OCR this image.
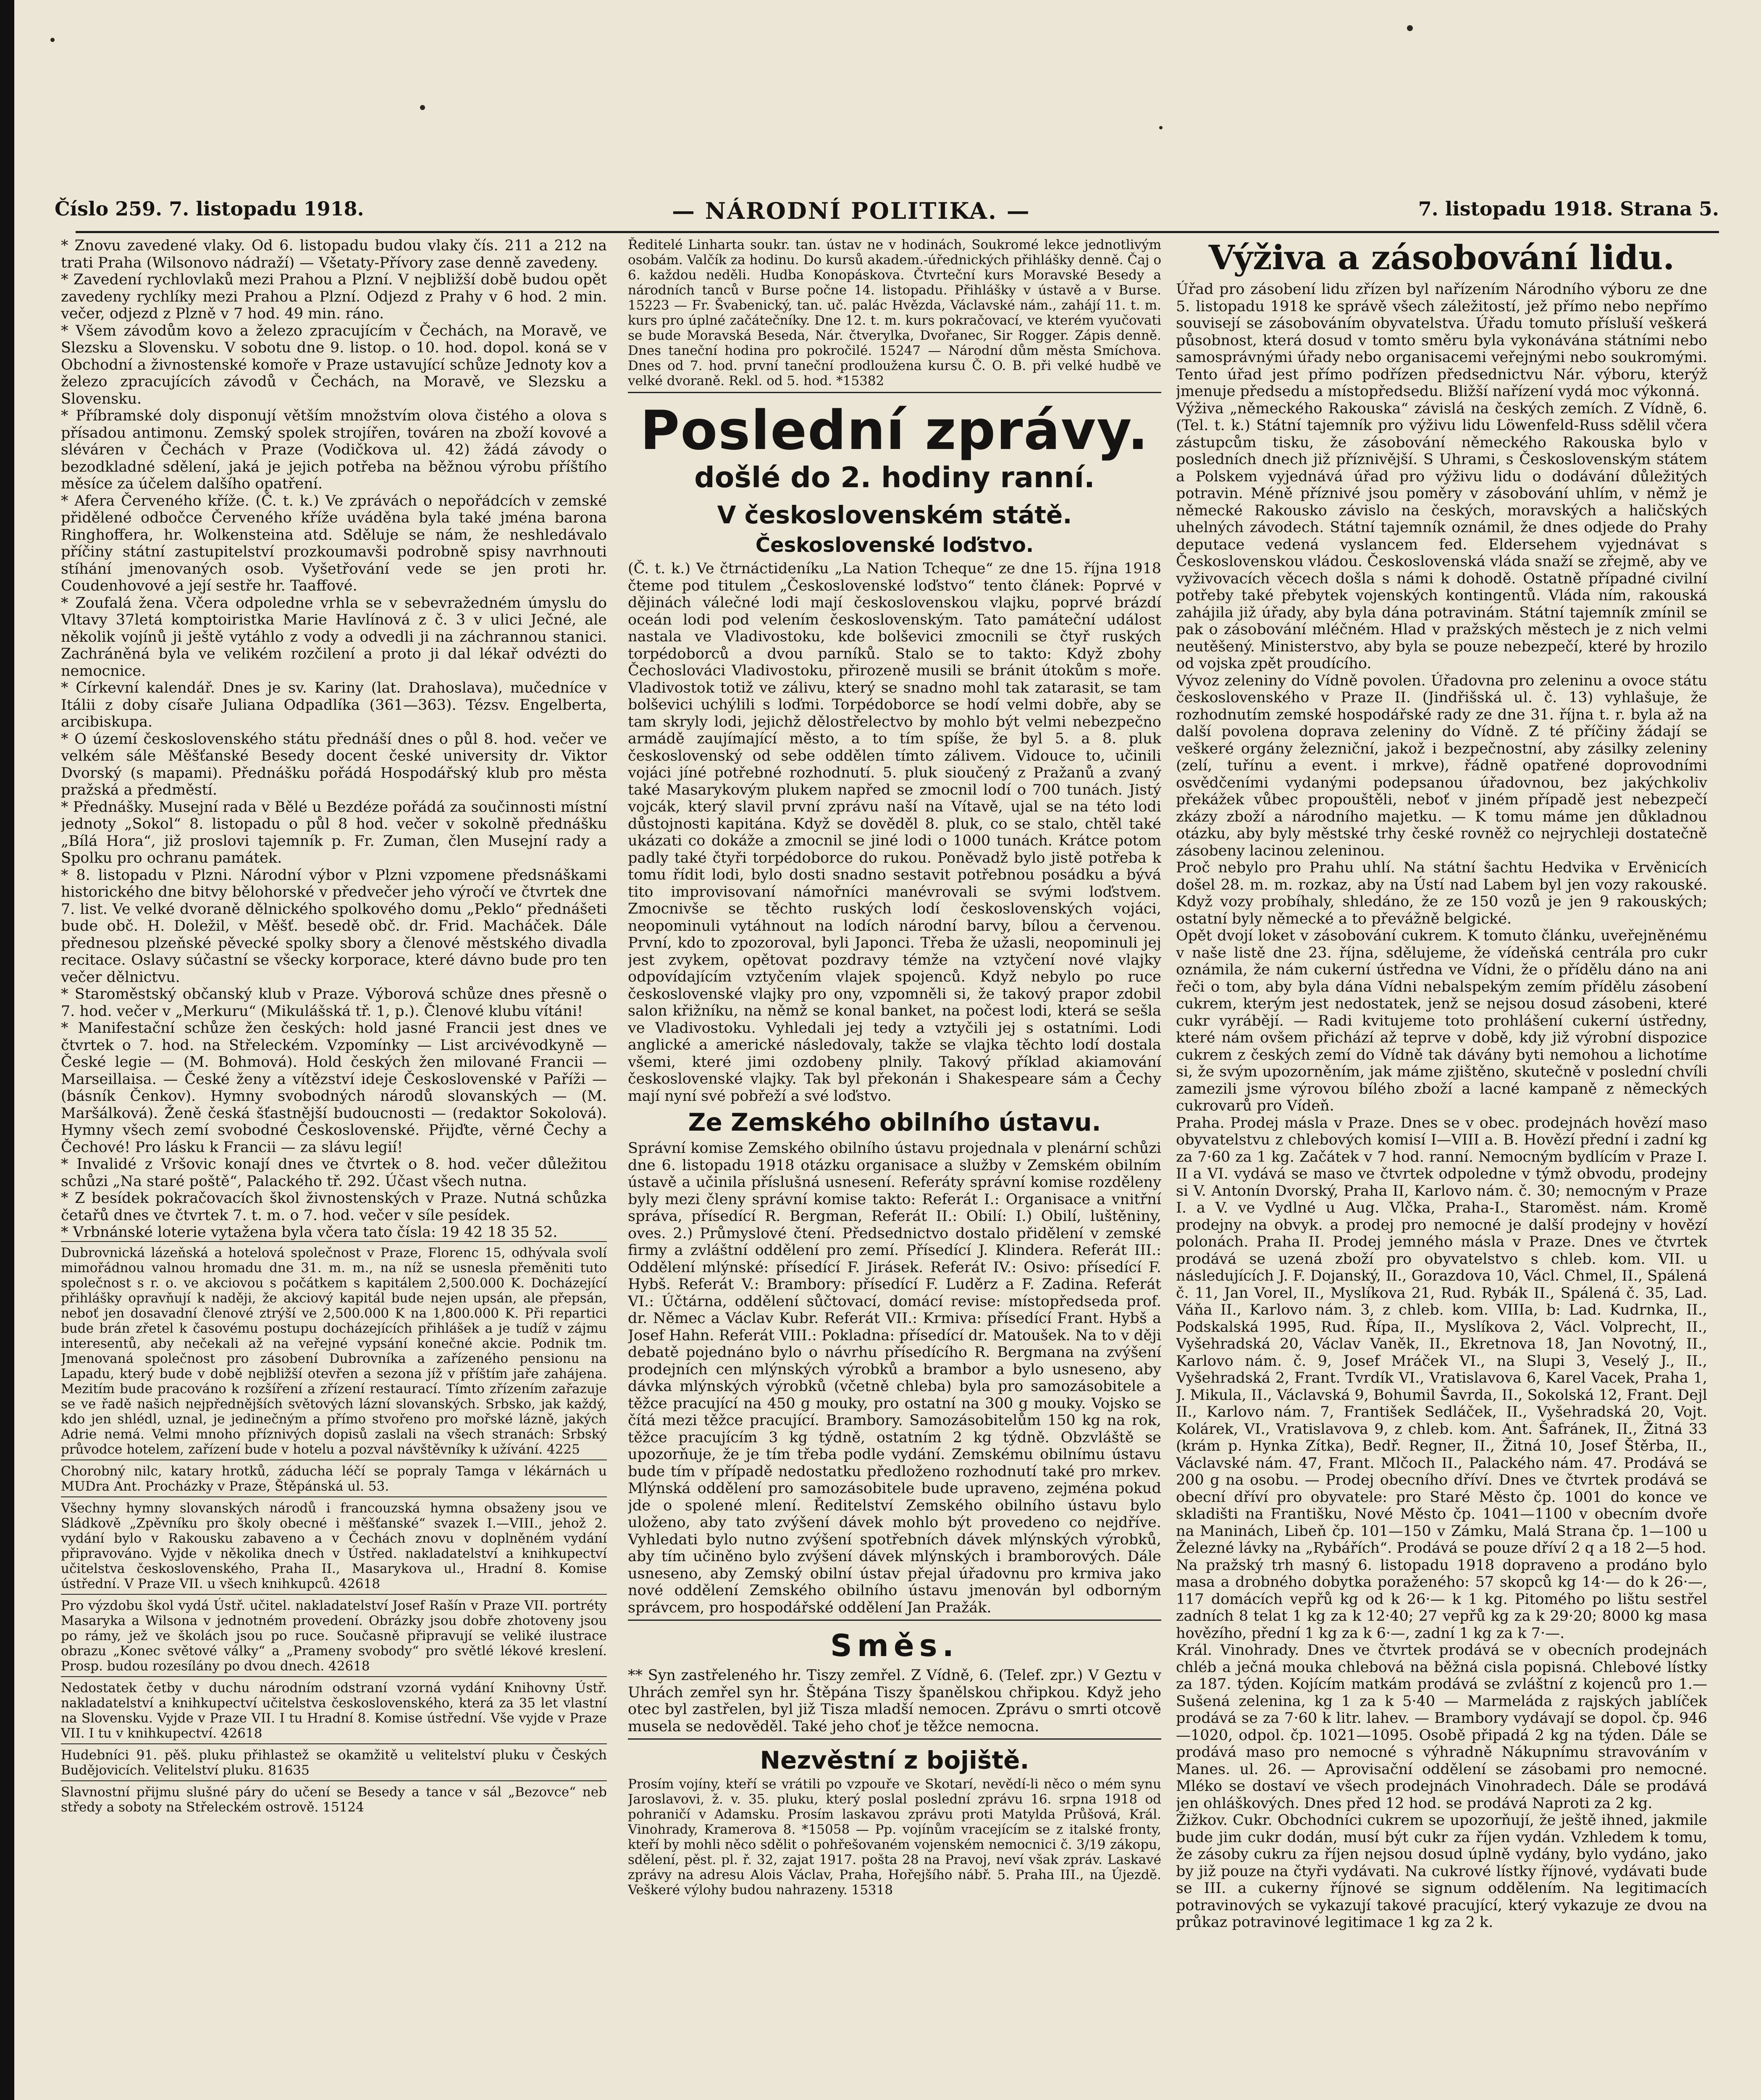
Číslo 259. 7. listopadu 1918.	— NÁRODNÍ POLITIKA. —	7. listopadu 1918. Strana 5.

* Znovu zavedené vlaky. Od 6. listopadu budou vlaky čís. 211 a 212 na trati Praha (Wilsonovo nádraží) — Všetaty-Přívory zase denně zavedeny.

* Zavedení rychlovlaků mezi Prahou a Plzní. V nejbližší době budou opět zavedeny rychlíky mezi Prahou a Plzní. Odjezd z Prahy v 6 hod. 2 min. večer, odjezd z Plzně v 7 hod. 49 min. ráno.

* Všem závodům kovo a železo zpracujícím v Čechách, na Moravě, ve Slezsku a Slovensku. V sobotu dne 9. listop. o 10. hod. dopol. koná se v Obchodní a živnostenské komoře v Praze ustavující schůze Jednoty kov a železo zpracujících závodů v Čechách, na Moravě, ve Slezsku a Slovensku.

* Příbramské doly disponují větším množstvím olova čistého a olova s přísadou antimonu. Zemský spolek strojířen, továren na zboží kovové a sléváren v Čechách v Praze (Vodičkova ul. 42) žádá závody o bezodkladné sdělení, jaká je jejich potřeba na běžnou výrobu příštího měsíce za účelem dalšího opatření.

* Afera Červeného kříže. (Č. t. k.) Ve zprávách o nepořádcích v zemské přidělené odbočce Červeného kříže uváděna byla také jména barona Ringhoffera, hr. Wolkensteina atd. Sděluje se nám, že neshledávalo příčiny státní zastupitelství prozkoumavši podrobně spisy navrhnouti stíhání jmenovaných osob. Vyšetřování vede se jen proti hr. Coudenhovové a její sestře hr. Taaffové.

* Zoufalá žena. Včera odpoledne vrhla se v sebevražedném úmyslu do Vltavy 37letá komptoiristka Marie Havlínová z č. 3 v ulici Ječné, ale několik vojínů ji ještě vytáhlo z vody a odvedli ji na záchrannou stanici. Zachráněná byla ve velikém rozčilení a proto ji dal lékař odvézti do nemocnice.

* Církevní kalendář. Dnes je sv. Kariny (lat. Drahoslava), mučedníce v Itálii z doby císaře Juliana Odpadlíka (361—363). Tézsv. Engelberta, arcibiskupa.

* O území československého státu přednáší dnes o půl 8. hod. večer ve velkém sále Měšťanské Besedy docent české university dr. Viktor Dvorský (s mapami). Přednášku pořádá Hospodářský klub pro města pražská a předměstí.

* Přednášky. Musejní rada v Bělé u Bezdéze pořádá za součinnosti místní jednoty „Sokol“ 8. listopadu o půl 8 hod. večer v sokolně přednášku „Bílá Hora“, již proslovi tajemník p. Fr. Zuman, člen Musejní rady a Spolku pro ochranu památek.

* 8. listopadu v Plzni. Národní výbor v Plzni vzpomene předsnáškami historického dne bitvy bělohorské v předvečer jeho výročí ve čtvrtek dne 7. list. Ve velké dvoraně dělnického spolkového domu „Peklo“ přednášeti bude obč. H. Doležil, v Měšť. besedě obč. dr. Frid. Macháček. Dále přednesou plzeňské pěvecké spolky sbory a členové městského divadla recitace. Oslavy súčastní se všecky korporace, které dávno bude pro ten večer dělnictvu.

* Staroměstský občanský klub v Praze. Výborová schůze dnes přesně o 7. hod. večer v „Merkuru“ (Mikulášská tř. 1, p.). Členové klubu vítáni!

* Manifestační schůze žen českých: hold jasné Francii jest dnes ve čtvrtek o 7. hod. na Střeleckém. Vzpomínky — List arcivévodkyně — České legie — (M. Bohmová). Hold českých žen milované Francii — Marseillaisa. — České ženy a vítězství ideje Československé v Paříži — (básník Čenkov). Hymny svobodných národů slovanských — (M. Maršálková). Ženě česká šťastnější budoucnosti — (redaktor Sokolová). Hymny všech zemí svobodné Československé. Přijďte, věrné Čechy a Čechové! Pro lásku k Francii — za slávu legií!

* Invalidé z Vršovic konají dnes ve čtvrtek o 8. hod. večer důležitou schůzi „Na staré poště“, Palackého tř. 292. Účast všech nutna.

* Z besídek pokračovacích škol živnostenských v Praze. Nutná schůzka četařů dnes ve čtvrtek 7. t. m. o 7. hod. večer v síle pesídek.

* Vrbnánské loterie vytažena byla včera tato čísla: 19 42 18 35 52.

Dubrovnická lázeňská a hotelová společnost v Praze, Florenc 15, odhývala svolí mimořádnou valnou hromadu dne 31. m. m., na níž se usnesla přeměniti tuto společnost s r. o. ve akciovou s počátkem s kapitálem 2,500.000 K. Docházející přihlášky opravňují k naději, že akciový kapitál bude nejen upsán, ale přepsán, neboť jen dosavadní členové ztrýší ve 2,500.000 K na 1,800.000 K. Při repartici bude brán zřetel k časovému postupu docházejících přihlášek a je tudíž v zájmu interesentů, aby nečekali až na veřejné vypsání konečné akcie. Podnik tm. Jmenovaná společnost pro zásobení Dubrovníka a zařízeného pensionu na Lapadu, který bude v době nejbližší otevřen a sezona jíž v příštím jaře zahájena. Mezitím bude pracováno k rozšíření a zřízení restaurací. Tímto zřízením zařazuje se ve řadě našich nejpřednějších světových lázní slovanských. Srbsko, jak každý, kdo jen shlédl, uznal, je jedinečným a přímo stvořeno pro mořské lázně, jakých Adrie nemá. Velmi mnoho příznivých dopisů zaslali na všech stranách: Srbský průvodce hotelem, zařízení bude v hotelu a pozval návštěvníky k užívání. 4225

Chorobný nilc, katary hrotků, záducha léčí se popraly Tamga v lékárnách u MUDra Ant. Procházky v Praze, Štěpánská ul. 53.

Všechny hymny slovanských národů i francouzská hymna obsaženy jsou ve Sládkově „Zpěvníku pro školy obecné i měšťanské“ svazek I.—VIII., jehož 2. vydání bylo v Rakousku zabaveno a v Čechách znovu v doplněném vydání připravováno. Vyjde v několika dnech v Ústřed. nakladatelství a knihkupectví učitelstva československého, Praha II., Masarykova ul., Hradní 8. Komise ústřední. V Praze VII. u všech knihkupců. 42618

Pro výzdobu škol vydá Ústř. učitel. nakladatelství Josef Rašín v Praze VII. portréty Masaryka a Wilsona v jednotném provedení. Obrázky jsou dobře zhotoveny jsou po rámy, jež ve školách jsou po ruce. Současně připravují se veliké ilustrace obrazu „Konec světové války“ a „Prameny svobody“ pro světlé lékové kreslení. Prosp. budou rozesílány po dvou dnech. 42618

Nedostatek četby v duchu národním odstraní vzorná vydání Knihovny Ústř. nakladatelství a knihkupectví učitelstva československého, která za 35 let vlastní na Slovensku. Vyjde v Praze VII. I tu Hradní 8. Komise ústřední. Vše vyjde v Praze VII. I tu v knihkupectví. 42618

Hudebníci 91. pěš. pluku přihlastež se okamžitě u velitelství pluku v Českých Budějovicích. Velitelství pluku. 81635

Slavnostní přijmu slušné páry do učení se Besedy a tance v sál „Bezovce“ neb středy a soboty na Střeleckém ostrově. 15124

Ředitelé Linharta soukr. tan. ústav ne v hodinách, Soukromé lekce jednotlivým osobám. Valčík za hodinu. Do kursů akadem.-úřednických přihlášky denně. Čaj o 6. každou neděli. Hudba Konopáskova. Čtvrteční kurs Moravské Besedy a národních tanců v Burse počne 14. listopadu. Přihlášky v ústavě a v Burse. 15223 — Fr. Švabenický, tan. uč. palác Hvězda, Václavské nám., zahájí 11. t. m. kurs pro úplné začátečníky. Dne 12. t. m. kurs pokračovací, ve kterém vyučovati se bude Moravská Beseda, Nár. čtverylka, Dvořanec, Sir Rogger. Zápis denně. Dnes taneční hodina pro pokročilé. 15247 — Národní dům města Smíchova. Dnes od 7. hod. první taneční prodloužena kursu Č. O. B. při velké hudbě ve velké dvoraně. Rekl. od 5. hod. *15382

Poslední zprávy.
došlé do 2. hodiny ranní.
V československém státě.
Československé loďstvo.

(Č. t. k.) Ve čtrnáctideníku „La Nation Tcheque“ ze dne 15. října 1918 čteme pod titulem „Československé loďstvo“ tento článek: Poprvé v dějinách válečné lodi mají československou vlajku, poprvé brázdí oceán lodi pod velením československým. Tato památeční událost nastala ve Vladivostoku, kde bolševici zmocnili se čtyř ruských torpédoborců a dvou parníků. Stalo se to takto: Když zbohy Čechoslováci Vladivostoku, přirozeně musili se bránit útokům s moře. Vladivostok totiž ve zálivu, který se snadno mohl tak zatarasit, se tam bolševici uchýlili s loďmi. Torpédoborce se hodí velmi dobře, aby se tam skryly lodi, jejichž dělostřelectvo by mohlo být velmi nebezpečno armádě zaujímající město, a to tím spíše, že byl 5. a 8. pluk československý od sebe oddělen tímto zálivem. Vidouce to, učinili vojáci jíné potřebné rozhodnutí. 5. pluk sioučený z Pražanů a zvaný také Masarykovým plukem napřed se zmocnil lodí o 700 tunách. Jistý vojcák, který slavil první zprávu naší na Vítavě, ujal se na této lodi důstojnosti kapitána. Když se dověděl 8. pluk, co se stalo, chtěl také ukázati co dokáže a zmocnil se jiné lodi o 1000 tunách. Krátce potom padly také čtyři torpédoborce do rukou. Poněvadž bylo jistě potřeba k tomu řídit lodi, bylo dosti snadno sestavit potřebnou posádku a bývá tito improvisovaní námořníci manévrovali se svými loďstvem. Zmocnivše se těchto ruských lodí československých vojáci, neopominuli vytáhnout na lodích národní barvy, bílou a červenou. První, kdo to zpozoroval, byli Japonci. Třeba že užasli, neopominuli jej jest zvykem, opětovat pozdravy témže na vztyčení nové vlajky odpovídajícím vztyčením vlajek spojenců. Když nebylo po ruce československé vlajky pro ony, vzpomněli si, že takový prapor zdobil salon křižníku, na němž se konal banket, na počest lodi, která se sešla ve Vladivostoku. Vyhledali jej tedy a vztyčili jej s ostatními. Lodi anglické a americké následovaly, takže se vlajka těchto lodí dostala všemi, které jimi ozdobeny plnily. Takový příklad akiamování československé vlajky. Tak byl překonán i Shakespeare sám a Čechy mají nyní své pobřeží a své loďstvo.

Ze Zemského obilního ústavu.

Správní komise Zemského obilního ústavu projednala v plenární schůzi dne 6. listopadu 1918 otázku organisace a služby v Zemském obilním ústavě a učinila příslušná usnesení. Referáty správní komise rozděleny byly mezi členy správní komise takto: Referát I.: Organisace a vnitřní správa, přísedící R. Bergman, Referát II.: Obilí: I.) Obilí, luštěniny, oves. 2.) Průmyslové čtení. Předsednictvo dostalo přidělení v zemské firmy a zvláštní oddělení pro zemí. Přísedící J. Klindera. Referát III.: Oddělení mlýnské: přísedící F. Jirásek. Referát IV.: Osivo: přísedící F. Hybš. Referát V.: Brambory: přísedící F. Luděrz a F. Zadina. Referát VI.: Účtárna, oddělení sůčtovací, domácí revise: místopředseda prof. dr. Němec a Václav Kubr. Referát VII.: Krmiva: přísedící Frant. Hybš a Josef Hahn. Referát VIII.: Pokladna: přísedící dr. Matoušek. Na to v ději debatě pojednáno bylo o návrhu přísedícího R. Bergmana na zvýšení prodejních cen mlýnských výrobků a brambor a bylo usneseno, aby dávka mlýnských výrobků (včetně chleba) byla pro samozásobitele a těžce pracující na 450 g mouky, pro ostatní na 300 g mouky. Vojsko se čítá mezi těžce pracující. Brambory. Samozásobitelům 150 kg na rok, těžce pracujícím 3 kg týdně, ostatním 2 kg týdně. Obzvláště se upozorňuje, že je tím třeba podle vydání. Zemskému obilnímu ústavu bude tím v případě nedostatku předloženo rozhodnutí také pro mrkev. Mlýnská oddělení pro samozásobitele bude upraveno, zejména pokud jde o spolené mlení. Ředitelství Zemského obilního ústavu bylo uloženo, aby tato zvýšení dávek mohlo být provedeno co nejdříve. Vyhledati bylo nutno zvýšení spotřebních dávek mlýnských výrobků, aby tím učiněno bylo zvýšení dávek mlýnských i bramborových. Dále usneseno, aby Zemský obilní ústav přejal úřadovnu pro krmiva jako nové oddělení Zemského obilního ústavu jmenován byl odborným správcem, pro hospodářské oddělení Jan Pražák.

Směs.

** Syn zastřeleného hr. Tiszy zemřel. Z Vídně, 6. (Telef. zpr.) V Geztu v Uhrách zemřel syn hr. Štěpána Tiszy španělskou chřipkou. Když jeho otec byl zastřelen, byl již Tisza mladší nemocen. Zprávu o smrti otcově musela se nedověděl. Také jeho choť je těžce nemocna.

Nezvěstní z bojiště.

Prosím vojíny, kteří se vrátili po vzpouře ve Skotarí, nevědí-li něco o mém synu Jaroslavovi, ž. v. 35. pluku, který poslal poslední zprávu 16. srpna 1918 od pohraničí v Adamsku. Prosím laskavou zprávu proti Matylda Průšová, Král. Vinohrady, Kramerova 8. *15058 — Pp. vojínům vracejícím se z italské fronty, kteří by mohli něco sdělit o pohřešovaném vojenském nemocnici č. 3/19 zákopu, sdělení, pěst. pl. ř. 32, zajat 1917. pošta 28 na Pravoj, neví však zpráv. Laskavé zprávy na adresu Alois Václav, Praha, Hořejšího nábř. 5. Praha III., na Újezdě. Veškeré výlohy budou nahrazeny. 15318

Výživa a zásobování lidu.

Úřad pro zásobení lidu zřízen byl nařízením Národního výboru ze dne 5. listopadu 1918 ke správě všech záležitostí, jež přímo nebo nepřímo souvisejí se zásobováním obyvatelstva. Úřadu tomuto přísluší veškerá působnost, která dosud v tomto směru byla vykonávána státními nebo samosprávnými úřady nebo organisacemi veřejnými nebo soukromými. Tento úřad jest přímo podřízen předsednictvu Nár. výboru, kterýž jmenuje předsedu a místopředsedu. Bližší nařízení vydá moc výkonná.

Výživa „německého Rakouska“ závislá na českých zemích. Z Vídně, 6. (Tel. t. k.) Státní tajemník pro výživu lidu Löwenfeld-Russ sdělil včera zástupcům tisku, že zásobování německého Rakouska bylo v posledních dnech již příznivější. S Uhrami, s Československým státem a Polskem vyjednává úřad pro výživu lidu o dodávání důležitých potravin. Méně příznivé jsou poměry v zásobování uhlím, v němž je německé Rakousko závislo na českých, moravských a haličských uhelných závodech. Státní tajemník oznámil, že dnes odjede do Prahy deputace vedená vyslancem fed. Eldersehem vyjednávat s Československou vládou. Československá vláda snaží se zřejmě, aby ve vyživovacích věcech došla s námi k dohodě. Ostatně případné civilní potřeby také přebytek vojenských kontingentů. Vláda ním, rakouská zahájila již úřady, aby byla dána potravinám. Státní tajemník zmínil se pak o zásobování mléčném. Hlad v pražských městech je z nich velmi neutěšený. Ministerstvo, aby byla se pouze nebezpečí, které by hrozilo od vojska zpět proudícího.

Vývoz zeleniny do Vídně povolen. Úřadovna pro zeleninu a ovoce státu československého v Praze II. (Jindřišská ul. č. 13) vyhlašuje, že rozhodnutím zemské hospodářské rady ze dne 31. října t. r. byla až na další povolena doprava zeleniny do Vídně. Z té příčiny žádají se veškeré orgány železniční, jakož i bezpečnostní, aby zásilky zeleniny (zelí, tuřínu a event. i mrkve), řádně opatřené doprovodními osvědčeními vydanými podepsanou úřadovnou, bez jakýchkoliv překážek vůbec propouštěli, neboť v jiném případě jest nebezpečí zkázy zboží a národního majetku. — K tomu máme jen důkladnou otázku, aby byly městské trhy české rovněž co nejrychleji dostatečně zásobeny lacinou zeleninou.

Proč nebylo pro Prahu uhlí. Na státní šachtu Hedvika v Ervěnicích došel 28. m. m. rozkaz, aby na Ústí nad Labem byl jen vozy rakouské. Když vozy probíhaly, shledáno, že ze 150 vozů je jen 9 rakouských; ostatní byly německé a to převážně belgické.

Opět dvojí loket v zásobování cukrem. K tomuto článku, uveřejněnému v naše listě dne 23. října, sdělujeme, že vídeňská centrála pro cukr oznámila, že nám cukerní ústředna ve Vídni, že o přídělu dáno na ani řeči o tom, aby byla dána Vídni nebalspekým zemím přídělu zásobení cukrem, kterým jest nedostatek, jenž se nejsou dosud zásobeni, které cukr vyrábějí. — Radi kvitujeme toto prohlášení cukerní ústředny, které nám ovšem přichází až teprve v době, kdy již výrobní dispozice cukrem z českých zemí do Vídně tak dávány byti nemohou a lichotíme si, že svým upozorněním, jak máme zjištěno, skutečně v poslední chvíli zamezili jsme výrovou bílého zboží a lacné kampaně z německých cukrovarů pro Vídeň.

Praha. Prodej másla v Praze. Dnes se v obec. prodejnách hovězí maso obyvatelstvu z chlebových komisí I—VIII a. B. Hovězí přední i zadní kg za 7·60 za 1 kg. Začátek v 7 hod. ranní. Nemocným bydlícím v Praze I. II a VI. vydává se maso ve čtvrtek odpoledne v týmž obvodu, prodejny si V. Antonín Dvorský, Praha II, Karlovo nám. č. 30; nemocným v Praze I. a V. ve Vydlné u Aug. Vlčka, Praha-I., Staroměst. nám. Kromě prodejny na obvyk. a prodej pro nemocné je další prodejny v hovězí polonách. Praha II. Prodej jemného másla v Praze. Dnes ve čtvrtek prodává se uzená zboží pro obyvatelstvo s chleb. kom. VII. u následujících J. F. Dojanský, II., Gorazdova 10, Václ. Chmel, II., Spálená č. 11, Jan Vorel, II., Myslíkova 21, Rud. Rybák II., Spálená č. 35, Lad. Váňa II., Karlovo nám. 3, z chleb. kom. VIIIa, b: Lad. Kudrnka, II., Podskalská 1995, Rud. Řípa, II., Myslíkova 2, Václ. Volprecht, II., Vyšehradská 20, Václav Vaněk, II., Ekretnova 18, Jan Novotný, II., Karlovo nám. č. 9, Josef Mráček VI., na Slupi 3, Veselý J., II., Vyšehradská 2, Frant. Tvrdík VI., Vratislavova 6, Karel Vacek, Praha 1, J. Mikula, II., Václavská 9, Bohumil Šavrda, II., Sokolská 12, Frant. Dejl II., Karlovo nám. 7, František Sedláček, II., Vyšehradská 20, Vojt. Kolárek, VI., Vratislavova 9, z chleb. kom. Ant. Šafránek, II., Žitná 33 (krám p. Hynka Zítka), Bedř. Regner, II., Žitná 10, Josef Štěrba, II., Václavské nám. 47, Frant. Mlčoch II., Palackého nám. 47. Prodává se 200 g na osobu. — Prodej obecního dříví. Dnes ve čtvrtek prodává se obecní dříví pro obyvatele: pro Staré Město čp. 1001 do konce ve skladišti na Františku, Nové Město čp. 1041—1100 v obecním dvoře na Maninách, Libeň čp. 101—150 v Zámku, Malá Strana čp. 1—100 u Železné lávky na „Rybářích“. Prodává se pouze dříví 2 q a 18 2—5 hod.

Na pražský trh masný 6. listopadu 1918 dopraveno a prodáno bylo masa a drobného dobytka poraženého: 57 skopců kg 14·— do k 26·—, 117 domácích vepřů kg od k 26·— k 1 kg. Pitomého po lištu sestřel zadních 8 telat 1 kg za k 12·40; 27 vepřů kg za k 29·20; 8000 kg masa hovězího, přední 1 kg za k 6·—, zadní 1 kg za k 7·—.

Král. Vinohrady. Dnes ve čtvrtek prodává se v obecních prodejnách chléb a ječná mouka chlebová na běžná cisla popisná. Chlebové lístky za 187. týden. Kojícím matkám prodává se zvláštní z kojenců pro 1.— Sušená zelenina, kg 1 za k 5·40 — Marmeláda z rajských jablíček prodává se za 7·60 k litr. lahev. — Brambory vydávají se dopol. čp. 946—1020, odpol. čp. 1021—1095. Osobě připadá 2 kg na týden. Dále se prodává maso pro nemocné s výhradně Nákupnímu stravováním v Manes. ul. 26. — Aprovisační oddělení se zásobami pro nemocné. Mléko se dostaví ve všech prodejnách Vinohradech. Dále se prodává jen ohláškových. Dnes před 12 hod. se prodává Naproti za 2 kg.

Žižkov. Cukr. Obchodníci cukrem se upozorňují, že ještě ihned, jakmile bude jim cukr dodán, musí být cukr za říjen vydán. Vzhledem k tomu, že zásoby cukru za říjen nejsou dosud úplně vydány, bylo vydáno, jako by již pouze na čtyři vydávati. Na cukrové lístky říjnové, vydávati bude se III. a cukerny říjnové se signum oddělením. Na legitimacích potravinových se vykazují takové pracující, který vykazuje ze dvou na průkaz potravinové legitimace 1 kg za 2 k.
